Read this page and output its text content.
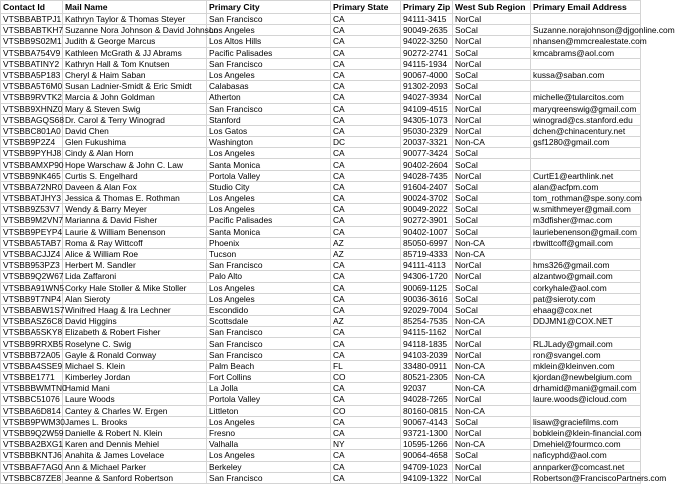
Contact Id	Mail Name	Primary City	Primary State	Primary Zip	West Sub Region	Primary Email Address
VTSBBABTPJ1	Kathryn Taylor & Thomas Steyer	San Francisco	CA	94111-3415	NorCal	
VTSBBABTKH7	Suzanne Nora Johnson & David Johnson	Los Angeles	CA	90049-2635	SoCal	Suzanne.norajohnson@djgonline.com
VTSBB9S02M1	Judith & George Marcus	Los Altos Hills	CA	94022-3250	NorCal	nhansen@mmcrealestate.com
VTSBBA754V9	Kathleen McGrath & JJ Abrams	Pacific Palisades	CA	90272-2741	SoCal	kmcabrams@aol.com
VTSBBATINY2	Kathryn Hall & Tom Knutsen	San Francisco	CA	94115-1934	NorCal	
VTSBBA5P183	Cheryl & Haim Saban	Los Angeles	CA	90067-4000	SoCal	kussa@saban.com
VTSBBA5T6M0	Susan Ladnier-Smidt & Eric Smidt	Calabasas	CA	91302-2093	SoCal	
VTSBB9RVTK2	Marcia & John Goldman	Atherton	CA	94027-3934	NorCal	michelle@tularcitos.com
VTSBB9XHNZ0	Mary & Steven Swig	San Francisco	CA	94109-4515	NorCal	maryqreenswig@gmail.com
VTSBBAGQS68	Dr. Carol & Terry Winograd	Stanford	CA	94305-1073	NorCal	winograd@cs.stanford.edu
VTSBBC801A0	David Chen	Los Gatos	CA	95030-2329	NorCal	dchen@chinacentury.net
VTSBB9P2Z4	Glen Fukushima	Washington	DC	20037-3321	Non-CA	gsf1280@gmail.com
VTSBB9PYHJ8	Cindy & Alan Horn	Los Angeles	CA	90077-3424	SoCal	
VTSBBAMXP90	Hope Warschaw & John C. Law	Santa Monica	CA	90402-2604	SoCal	
VTSBB9NK465	Curtis S. Engelhard	Portola Valley	CA	94028-7435	NorCal	CurtE1@earthlink.net
VTSBBA72NR0	Daveen & Alan Fox	Studio City	CA	91604-2407	SoCal	alan@acfpm.com
VTSBBATJHY3	Jessica & Thomas E. Rothman	Los Angeles	CA	90024-3702	SoCal	tom_rothman@spe.sony.com
VTSBB9Z53V7	Wendy & Barry Meyer	Los Angeles	CA	90049-2022	SoCal	w.smithmeyer@gmail.com
VTSBB9M2VN7	Marianna & David Fisher	Pacific Palisades	CA	90272-3901	SoCal	m3dfisher@mac.com
VTSBB9PEYP4	Laurie & William Benenson	Santa Monica	CA	90402-1007	SoCal	lauriebenenson@gmail.com
VTSBBA5TAB7	Roma & Ray Wittcoff	Phoenix	AZ	85050-6997	Non-CA	rbwittcoff@gmail.com
VTSBBACJJZ4	Alice & William Roe	Tucson	AZ	85719-4333	Non-CA	
VTSBB953PZ3	Herbert M. Sandler	San Francisco	CA	94111-4113	NorCal	hms326@gmail.com
VTSBB9Q2W67	Lida Zaffaroni	Palo Alto	CA	94306-1720	NorCal	alzantwo@gmail.com
VTSBBA91WN5	Corky Hale Stoller & Mike Stoller	Los Angeles	CA	90069-1125	SoCal	corkyhale@aol.com
VTSBB9T7NP4	Alan Sieroty	Los Angeles	CA	90036-3616	SoCal	pat@sieroty.com
VTSBBABW1S7	Winifred Haag & Ira Lechner	Escondido	CA	92029-7004	SoCal	ehaag@cox.net
VTSBBASZ6C8	David Higgins	Scottsdale	AZ	85254-7535	Non-CA	DDJMN1@COX.NET
VTSBBA5SKY8	Elizabeth & Robert Fisher	San Francisco	CA	94115-1162	NorCal	
VTSBB9RRXB5	Roselyne C. Swig	San Francisco	CA	94118-1835	NorCal	RLJLady@gmail.com
VTSBBB72A05	Gayle & Ronald Conway	San Francisco	CA	94103-2039	NorCal	ron@svangel.com
VTSBBA4SSE9	Michael S. Klein	Palm Beach	FL	33480-0911	Non-CA	mklein@kleinven.com
VTSBBE1771	Kimberley Jordan	Fort Collins	CO	80521-2305	Non-CA	kjordan@newbelgium.com
VTSBBBWMTN0	Hamid Mani	La Jolla	CA	92037	Non-CA	drhamid@mani@gmail.com
VTSBBC51076	Laure Woods	Portola Valley	CA	94028-7265	NorCal	laure.woods@icloud.com
VTSBBA6D814	Cantey & Charles W. Ergen	Littleton	CO	80160-0815	Non-CA	
VTSBB9PWM30	James L. Brooks	Los Angeles	CA	90067-4143	SoCal	lisaw@graciefilms.com
VTSBB9Q2W59	Danielle & Robert N. Klein	Fresno	CA	93721-1300	NorCal	bobklein@klein-financial.com
VTSBBA2BXG1	Karen and Dennis Mehiel	Valhalla	NY	10595-1266	Non-CA	Dmehiel@fourmco.com
VTSBBBKNTJ6	Anahita & James Lovelace	Los Angeles	CA	90064-4658	SoCal	naficyphd@aol.com
VTSBBAF7AG0	Ann & Michael Parker	Berkeley	CA	94709-1023	NorCal	annparker@comcast.net
VTSBBC87ZE8	Jeanne & Sanford Robertson	San Francisco	CA	94109-1322	NorCal	Robertson@FranciscoPartners.com
